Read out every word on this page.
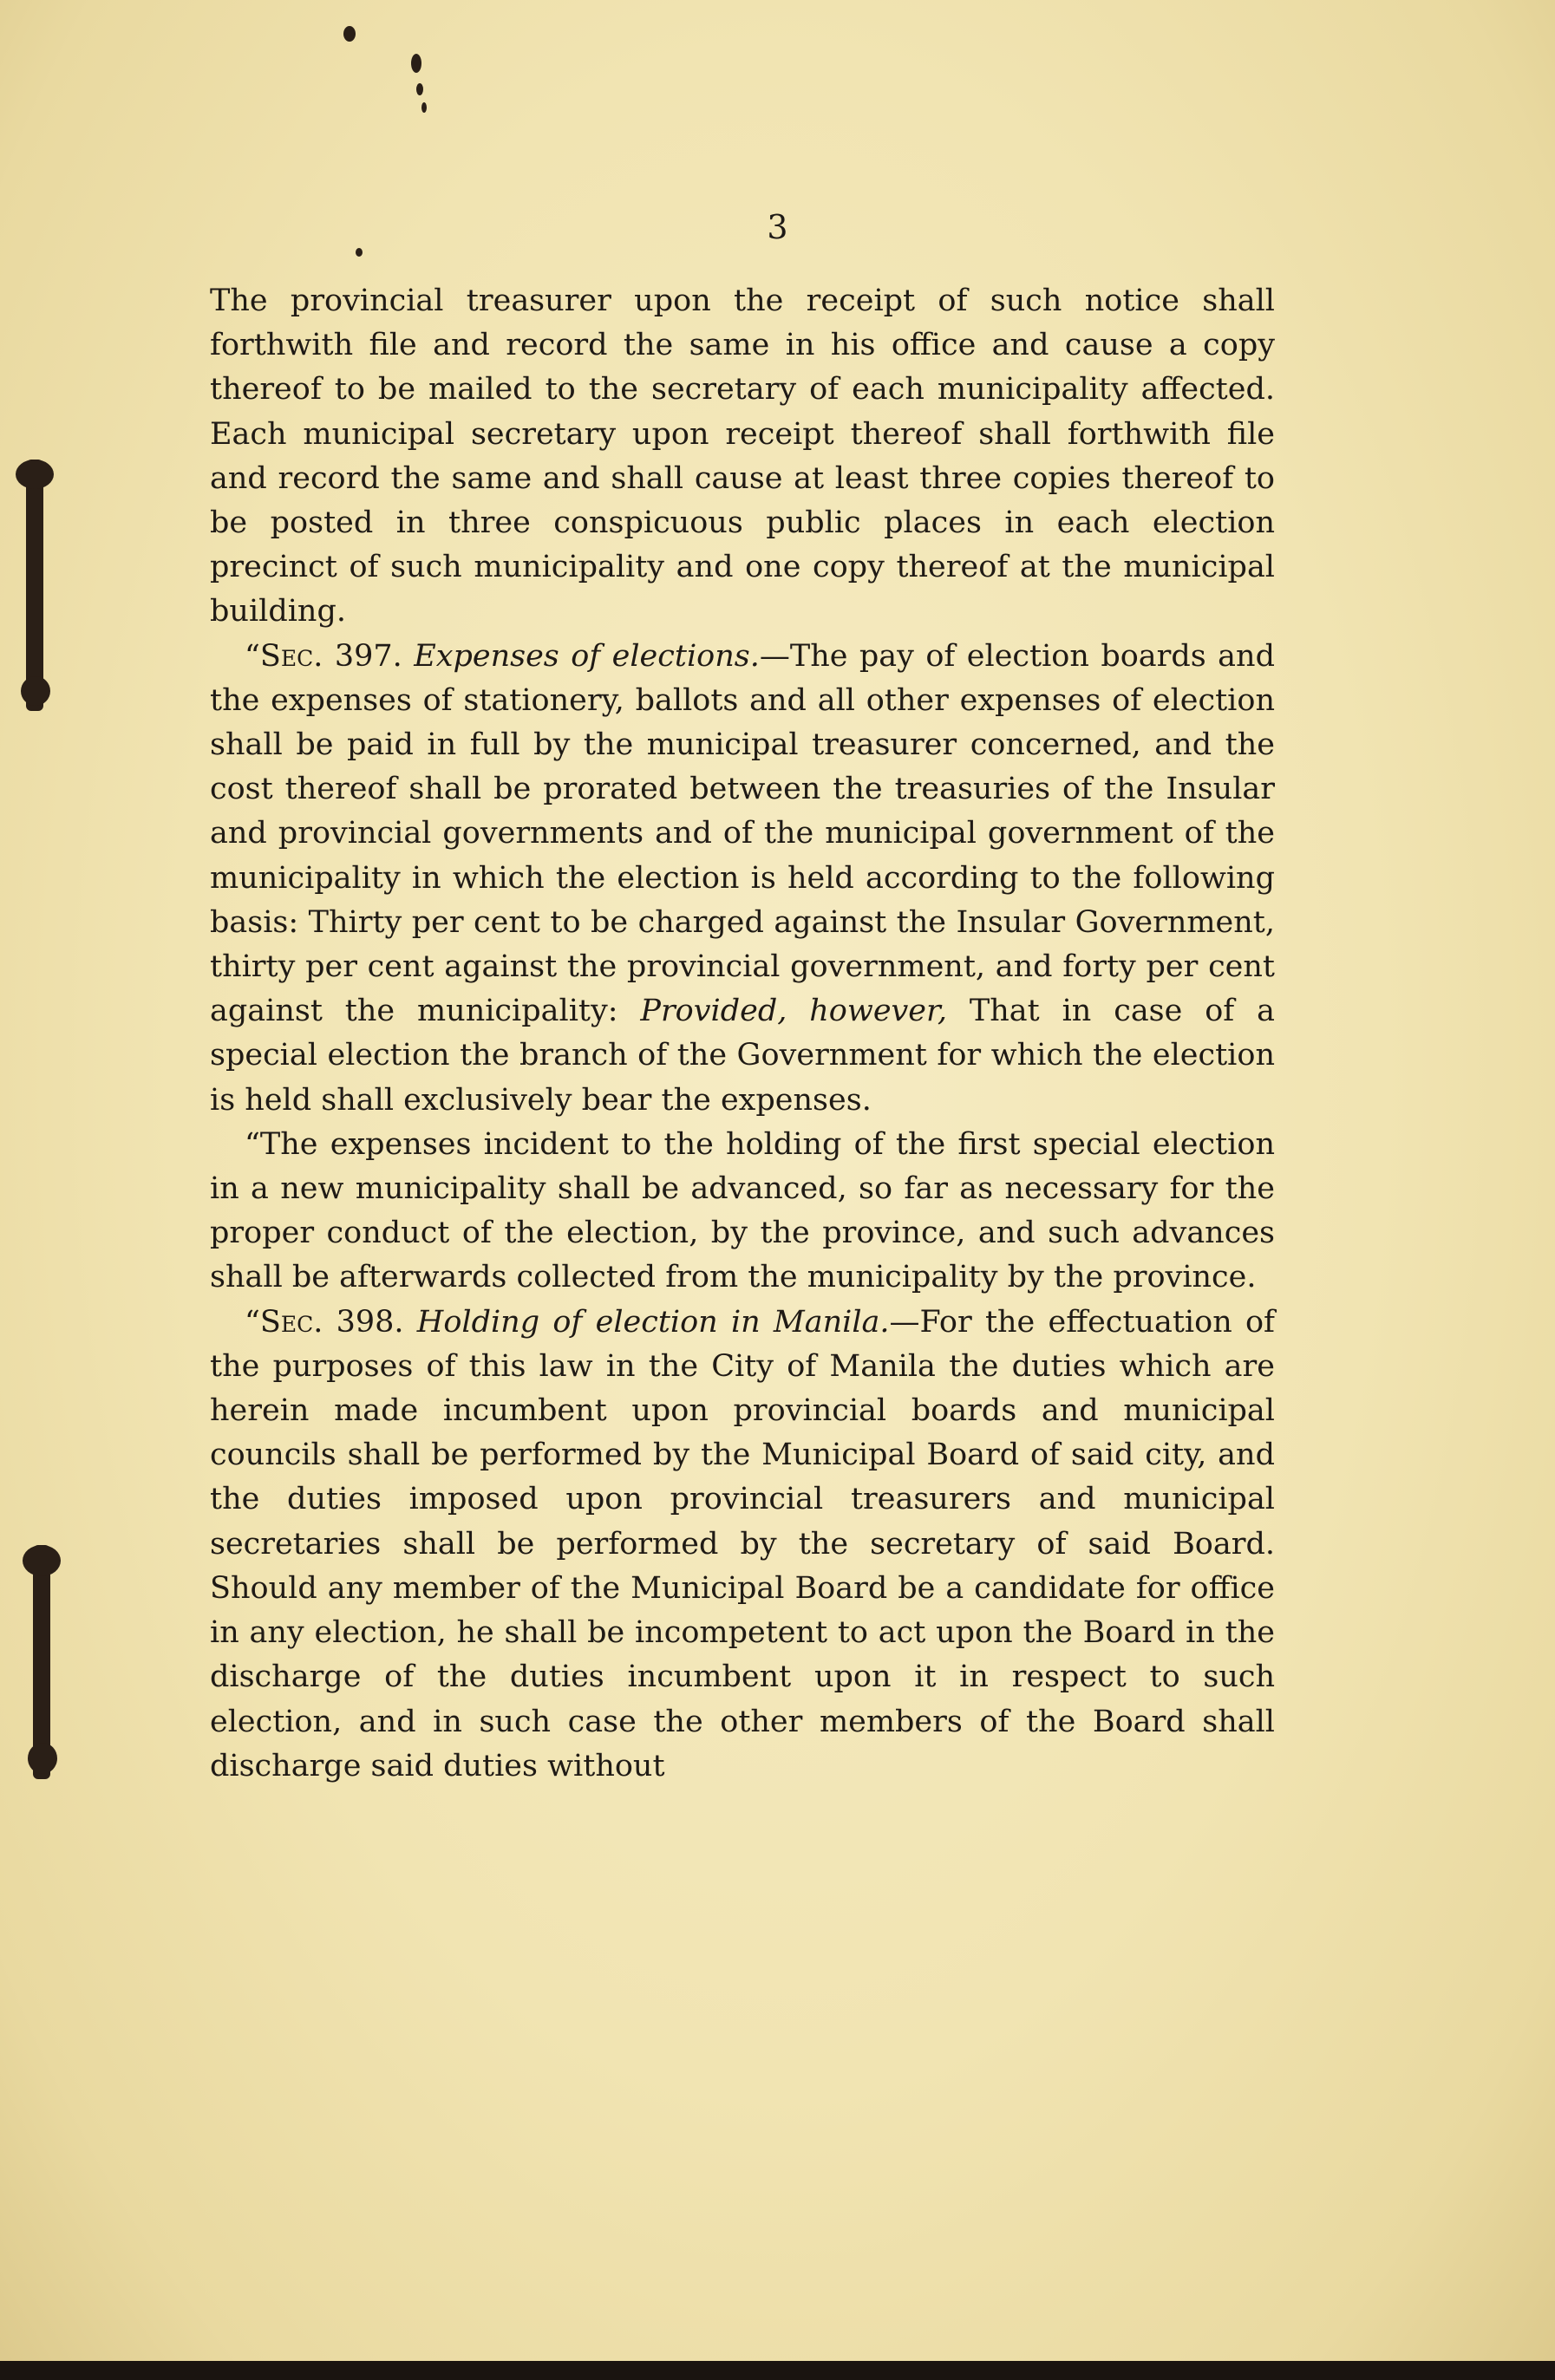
3

The provincial treasurer upon the receipt of such notice shall forthwith file and record the same in his office and cause a copy thereof to be mailed to the secretary of each municipality affected. Each municipal secretary upon receipt thereof shall forthwith file and record the same and shall cause at least three copies thereof to be posted in three conspicuous public places in each election precinct of such municipality and one copy thereof at the municipal building.

“Sec. 397. Expenses of elections.—The pay of election boards and the expenses of stationery, ballots and all other expenses of election shall be paid in full by the municipal treasurer concerned, and the cost thereof shall be prorated between the treasuries of the Insular and provincial governments and of the municipal government of the municipality in which the election is held according to the following basis: Thirty per cent to be charged against the Insular Government, thirty per cent against the provincial government, and forty per cent against the municipality: Provided, however, That in case of a special election the branch of the Government for which the election is held shall exclusively bear the expenses.

“The expenses incident to the holding of the first special election in a new municipality shall be advanced, so far as necessary for the proper conduct of the election, by the province, and such advances shall be afterwards collected from the municipality by the province.

“Sec. 398. Holding of election in Manila.—For the effectuation of the purposes of this law in the City of Manila the duties which are herein made incumbent upon provincial boards and municipal councils shall be performed by the Municipal Board of said city, and the duties imposed upon provincial treasurers and municipal secretaries shall be performed by the secretary of said Board. Should any member of the Municipal Board be a candidate for office in any election, he shall be incompetent to act upon the Board in the discharge of the duties incumbent upon it in respect to such election, and in such case the other members of the Board shall discharge said duties without
